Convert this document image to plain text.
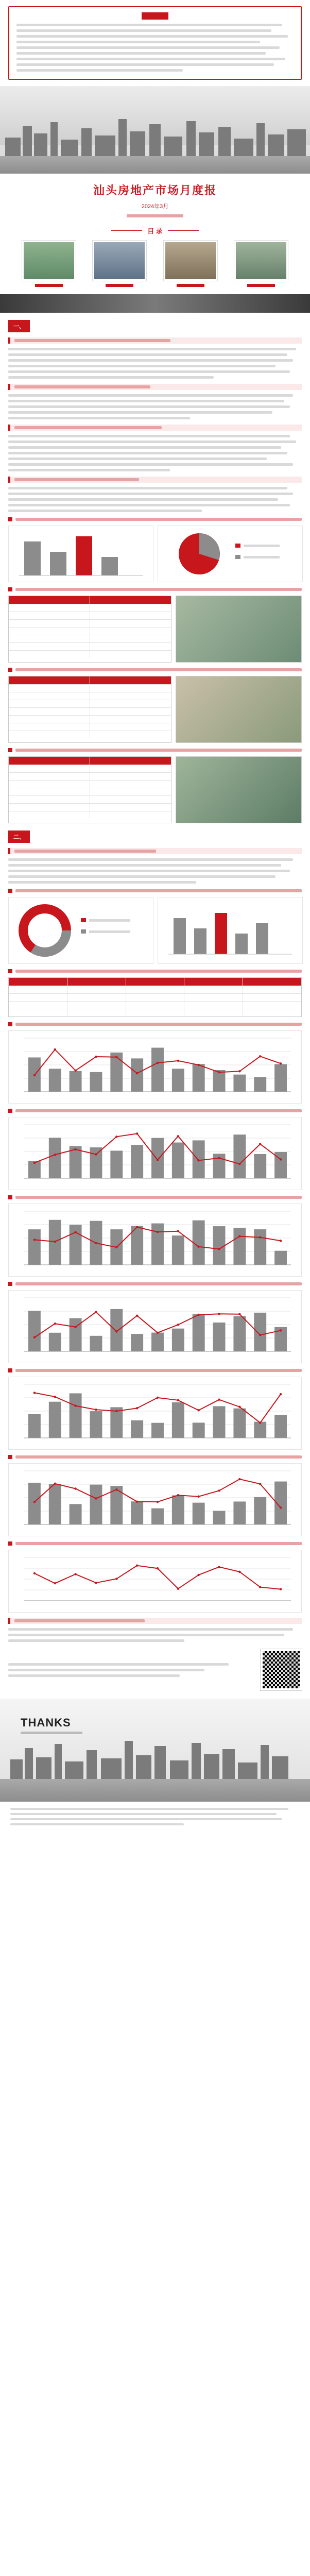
汕头房地产市场月度报
2024年3月
目 录
一、
二、
THANKS
